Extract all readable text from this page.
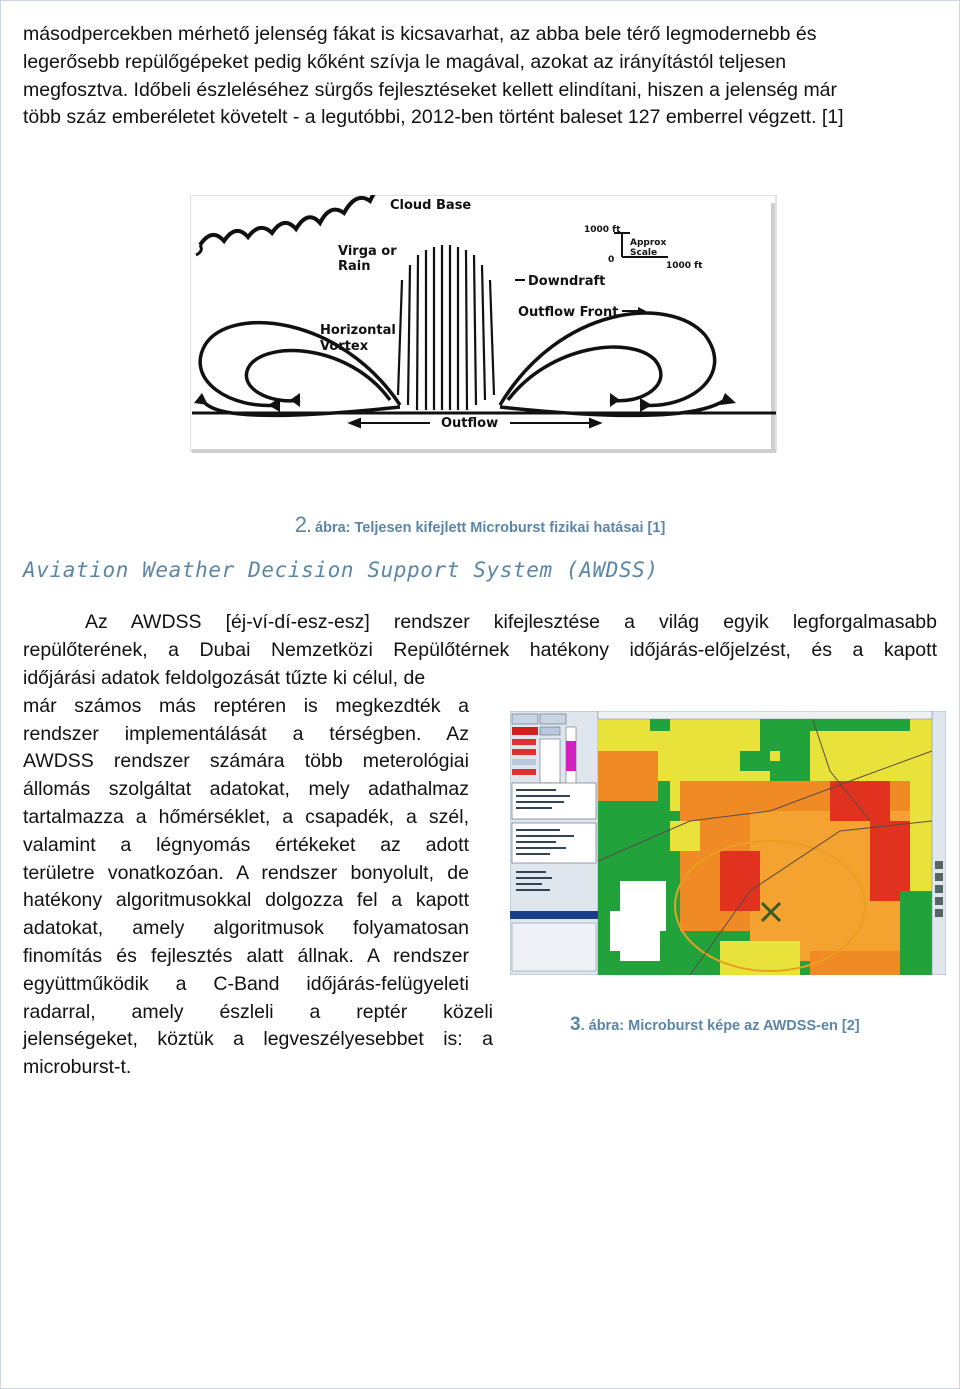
másodpercekben mérhető jelenség fákat is kicsavarhat, az abba bele térő legmodernebb és
legerősebb repülőgépeket pedig kőként szívja le magával, azokat az irányítástól teljesen
megfosztva. Időbeli észleléséhez sürgős fejlesztéseket kellett elindítani, hiszen a jelenség már
több száz emberéletet követelt - a legutóbbi, 2012-ben történt baleset 127 emberrel végzett. [1]

Cloud Base
Virga or
Rain
Downdraft
Outflow Front
Horizontal
Vortex
Outflow
1000 ft
0
Approx
Scale
1000 ft
2. ábra: Teljesen kifejlett Microburst fizikai hatásai [1]
Aviation Weather Decision Support System (AWDSS)

Az AWDSS [éj-ví-dí-esz-esz] rendszer kifejlesztése a világ egyik legforgalmasabb
repülőterének, a Dubai Nemzetközi Repülőtérnek hatékony időjárás-előjelzést, és a kapott

időjárási adatok feldolgozását tűzte ki célul, de
már számos más reptéren is megkezdték a
rendszer implementálását a térségben. Az
AWDSS rendszer számára több meterológiai
állomás szolgáltat adatokat, mely adathalmaz
tartalmazza a hőmérséklet, a csapadék, a szél,
valamint a légnyomás értékeket az adott
területre vonatkozóan. A rendszer bonyolult, de
hatékony algoritmusokkal dolgozza fel a kapott
adatokat, amely algoritmusok folyamatosan
finomítás és fejlesztés alatt állnak. A rendszer
együttműködik a C-Band időjárás-felügyeleti
radarral, amely észleli a reptér közeli
jelenségeket, köztük a legveszélyesebbet is: a
microburst-t.

3. ábra: Microburst képe az AWDSS-en [2]
